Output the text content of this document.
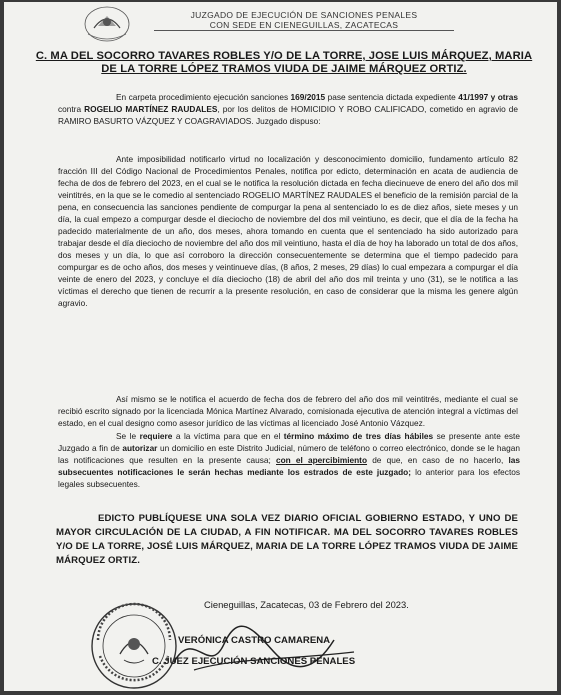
JUZGADO DE EJECUCIÓN DE SANCIONES PENALES
CON SEDE EN CIENEGUILLAS, ZACATECAS
C. MA DEL SOCORRO TAVARES ROBLES Y/O DE LA TORRE, JOSE LUIS MÁRQUEZ, MARIA DE LA TORRE LÓPEZ TRAMOS VIUDA DE JAIME MÁRQUEZ ORTIZ.
En carpeta procedimiento ejecución sanciones 169/2015 pase sentencia dictada expediente 41/1997 y otras contra ROGELIO MARTÍNEZ RAUDALES, por los delitos de HOMICIDIO Y ROBO CALIFICADO, cometido en agravio de RAMIRO BASURTO VÁZQUEZ Y COAGRAVIADOS. Juzgado dispuso:
Ante imposibilidad notificarlo virtud no localización y desconocimiento domicilio, fundamento artículo 82 fracción III del Código Nacional de Procedimientos Penales, notifica por edicto, determinación en acata de audiencia de fecha de dos de febrero del 2023, en el cual se le notifica la resolución dictada en fecha diecinueve de enero del año dos mil veintitrés, en la que se le comedio al sentenciado ROGELIO MARTÍNEZ RAUDALES el beneficio de la remisión parcial de la pena, en consecuencia las sanciones pendiente de compurgar la pena al sentenciado lo es de diez años, siete meses y un día, la cual empezo a compurgar desde el dieciocho de noviembre del dos mil veintiuno, es decir, que el día de la fecha ha padecido materialmente de un año, dos meses, ahora tomando en cuenta que el sentenciado ha sido autorizado para trabajar desde el día dieciocho de noviembre del año dos mil veintiuno, hasta el día de hoy ha laborado un total de dos años, dos meses y un día, lo que así corroboro la dirección consecuentemente se determina que el tiempo padecido para compurgar es de ocho años, dos meses y veintinueve días, (8 años, 2 meses, 29 días) lo cual empezara a compurgar el día veinte de enero del 2023, y concluye el día dieciocho (18) de abril del año dos mil treinta y uno (31), se le notifica a las víctimas el derecho que tienen de recurrir a la presente resolución, en caso de considerar que la misma les genere algún agravio.
Así mismo se le notifica el acuerdo de fecha dos de febrero del año dos mil veintitrés, mediante el cual se recibió escrito signado por la licenciada Mónica Martínez Alvarado, comisionada ejecutiva de atención integral a víctimas del estado, en el cual designo como asesor jurídico de las víctimas al licenciado José Antonio Vázquez.
Se le requiere a la víctima para que en el término máximo de tres días hábiles se presente ante este Juzgado a fin de autorizar un domicilio en este Distrito Judicial, número de teléfono o correo electrónico, donde se le hagan las notificaciones que resulten en la presente causa; con el apercibimiento de que, en caso de no hacerlo, las subsecuentes notificaciones le serán hechas mediante los estrados de este juzgado; lo anterior para los efectos legales subsecuentes.
EDICTO PUBLÍQUESE UNA SOLA VEZ DIARIO OFICIAL GOBIERNO ESTADO, Y UNO DE MAYOR CIRCULACIÓN DE LA CIUDAD, A FIN NOTIFICAR. MA DEL SOCORRO TAVARES ROBLES Y/O DE LA TORRE, JOSÉ LUIS MÁRQUEZ, MARIA DE LA TORRE LÓPEZ TRAMOS VIUDA DE JAIME MÁRQUEZ ORTIZ.
Cieneguillas, Zacatecas, 03 de Febrero del 2023.
VERÓNICA CASTRO CAMARENA
C. JUEZ EJECUCIÓN SANCIONES PENALES
